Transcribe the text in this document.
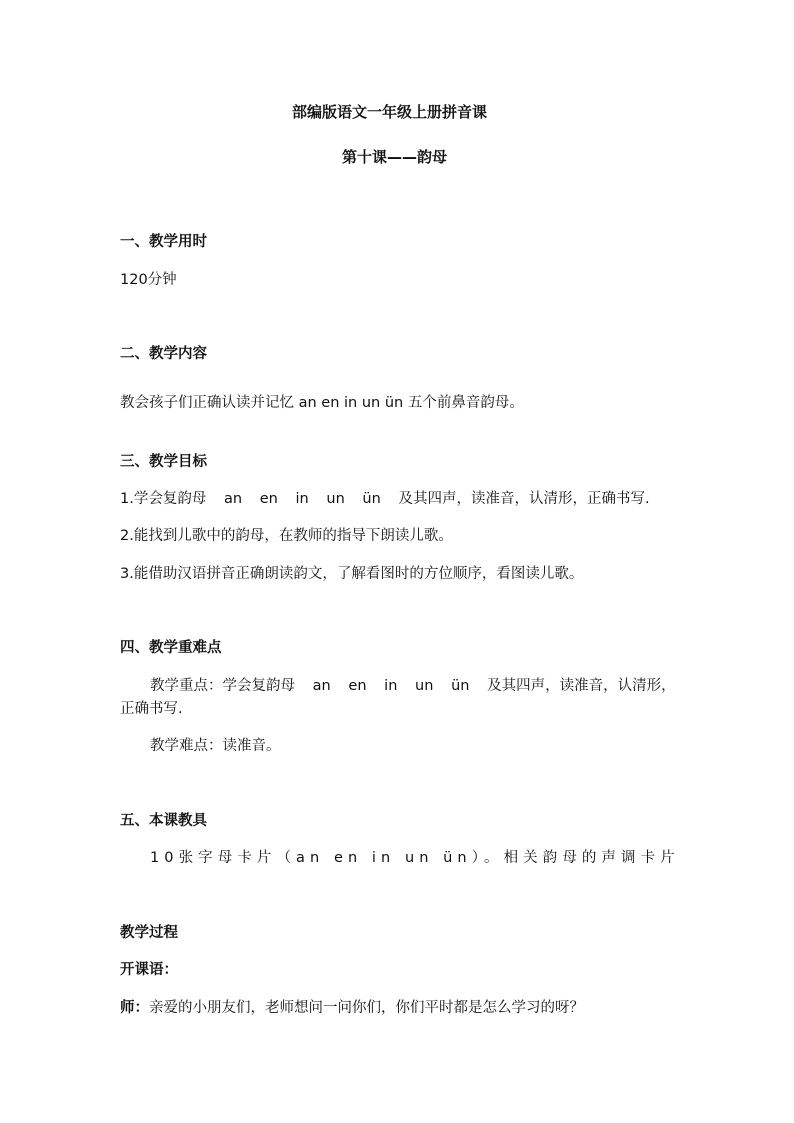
部编版语文一年级上册拼音课
第十课——韵母
一、教学用时
120分钟
二、教学内容
教会孩子们正确认读并记忆 an en in un ün 五个前鼻音韵母。
三、教学目标
1.学会复韵母 an en in un ün 及其四声，读准音，认清形，正确书写.
2.能找到儿歌中的韵母，在教师的指导下朗读儿歌。
3.能借助汉语拼音正确朗读韵文，了解看图时的方位顺序，看图读儿歌。
四、教学重难点
教学重点：学会复韵母 an en in un ün 及其四声，读准音，认清形，
正确书写.
教学难点：读准音。
五、本课教具
10张字母卡片（an en in un ün）。相关韵母的声调卡片
教学过程
开课语：
师：亲爱的小朋友们，老师想问一问你们，你们平时都是怎么学习的呀？
